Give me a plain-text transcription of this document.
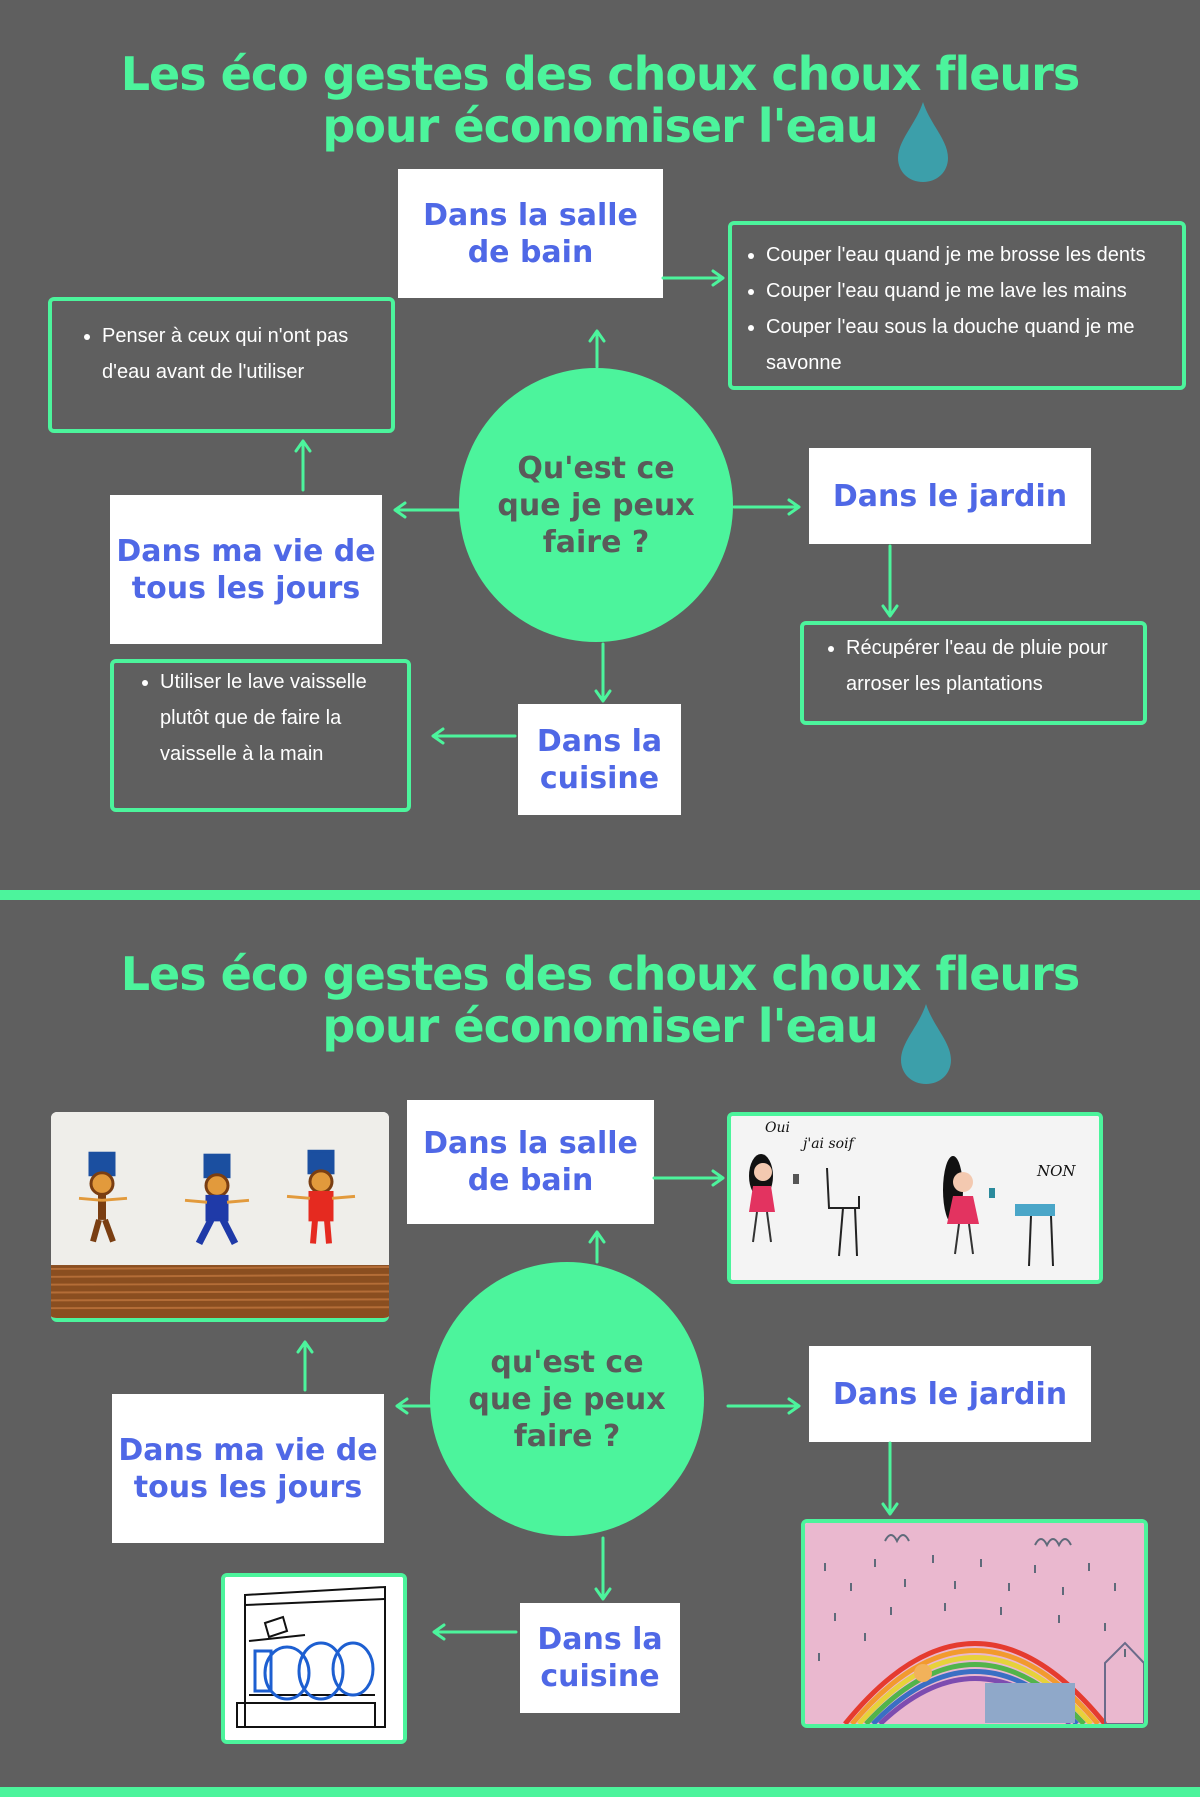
Les éco gestes des choux choux fleurs
pour économiser l'eau
Dans la salle de bain
•	Couper l'eau quand je me brosse les dents
• Couper l'eau quand je me lave les mains
• Couper l'eau sous la douche quand je me savonne
• Penser à ceux qui n'ont pas d'eau avant de l'utiliser
Qu'est ce que je peux faire ?
Dans le jardin
Dans ma vie de tous les jours
• Récupérer l'eau de pluie pour arroser les plantations
• Utiliser le lave vaisselle plutôt que de faire la vaisselle à la main	Dans la cuisine
Les éco gestes des choux choux fleurs
pour économiser l'eau
Dans la salle de bain
Oui
j'ai soif
NON
qu'est ce que je peux faire ?
Dans le jardin
Dans ma vie de tous les jours
Dans la cuisine
